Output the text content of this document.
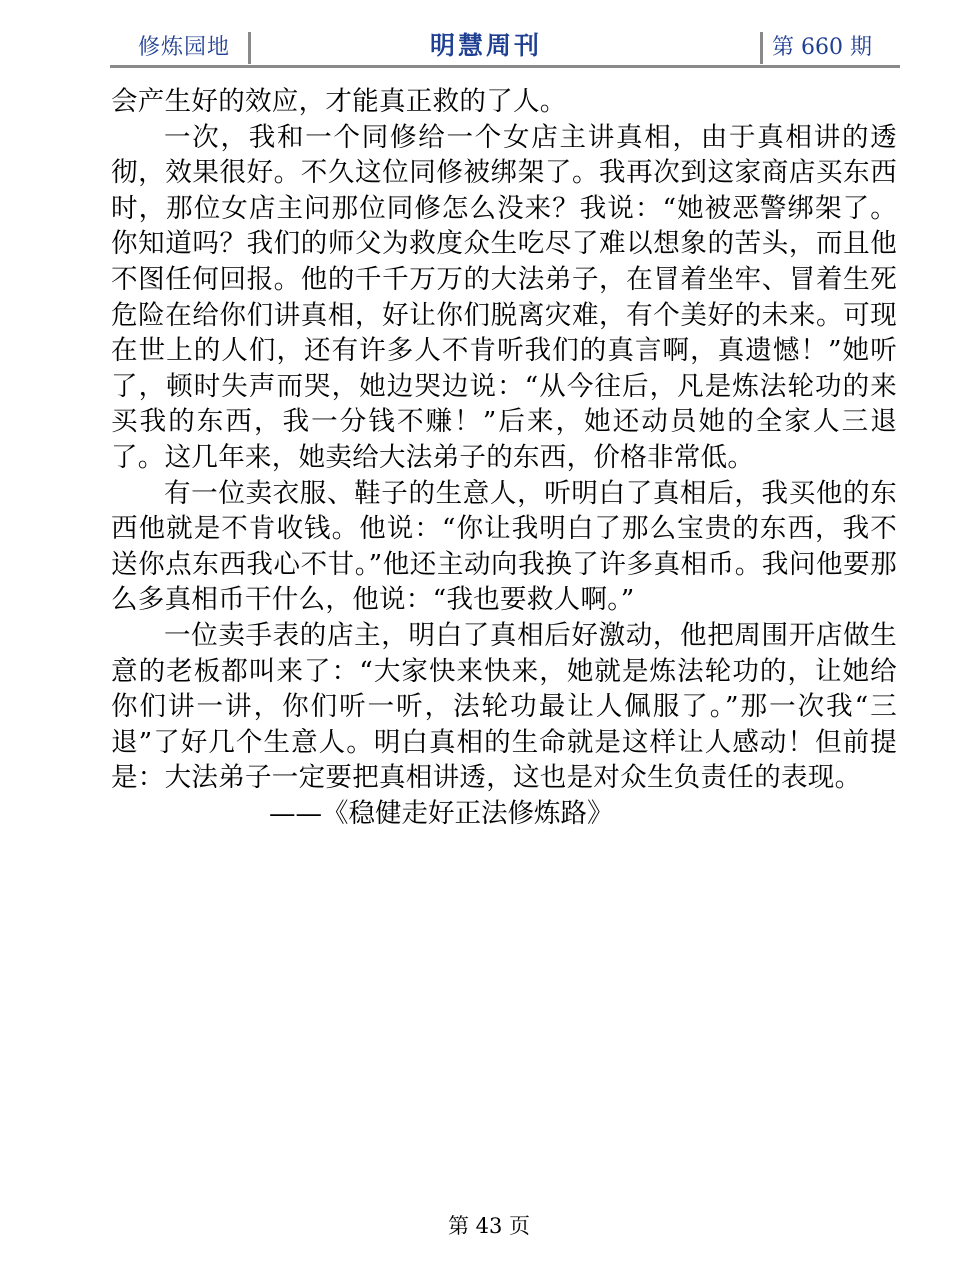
修炼园地	明慧周刊	第 660 期

会产生好的效应，才能真正救的了人。

一次，我和一个同修给一个女店主讲真相，由于真相讲的透彻，效果很好。不久这位同修被绑架了。我再次到这家商店买东西时，那位女店主问那位同修怎么没来？我说：“她被恶警绑架了。你知道吗？我们的师父为救度众生吃尽了难以想象的苦头，而且他不图任何回报。他的千千万万的大法弟子，在冒着坐牢、冒着生死危险在给你们讲真相，好让你们脱离灾难，有个美好的未来。可现在世上的人们，还有许多人不肯听我们的真言啊，真遗憾！”她听了，顿时失声而哭，她边哭边说：“从今往后，凡是炼法轮功的来买我的东西，我一分钱不赚！”后来，她还动员她的全家人三退了。这几年来，她卖给大法弟子的东西，价格非常低。

有一位卖衣服、鞋子的生意人，听明白了真相后，我买他的东西他就是不肯收钱。他说：“你让我明白了那么宝贵的东西，我不送你点东西我心不甘。”他还主动向我换了许多真相币。我问他要那么多真相币干什么，他说：“我也要救人啊。”

一位卖手表的店主，明白了真相后好激动，他把周围开店做生意的老板都叫来了：“大家快来快来，她就是炼法轮功的，让她给你们讲一讲，你们听一听，法轮功最让人佩服了。”那一次我“三退”了好几个生意人。明白真相的生命就是这样让人感动！但前提是：大法弟子一定要把真相讲透，这也是对众生负责任的表现。

——《稳健走好正法修炼路》

第 43 页
